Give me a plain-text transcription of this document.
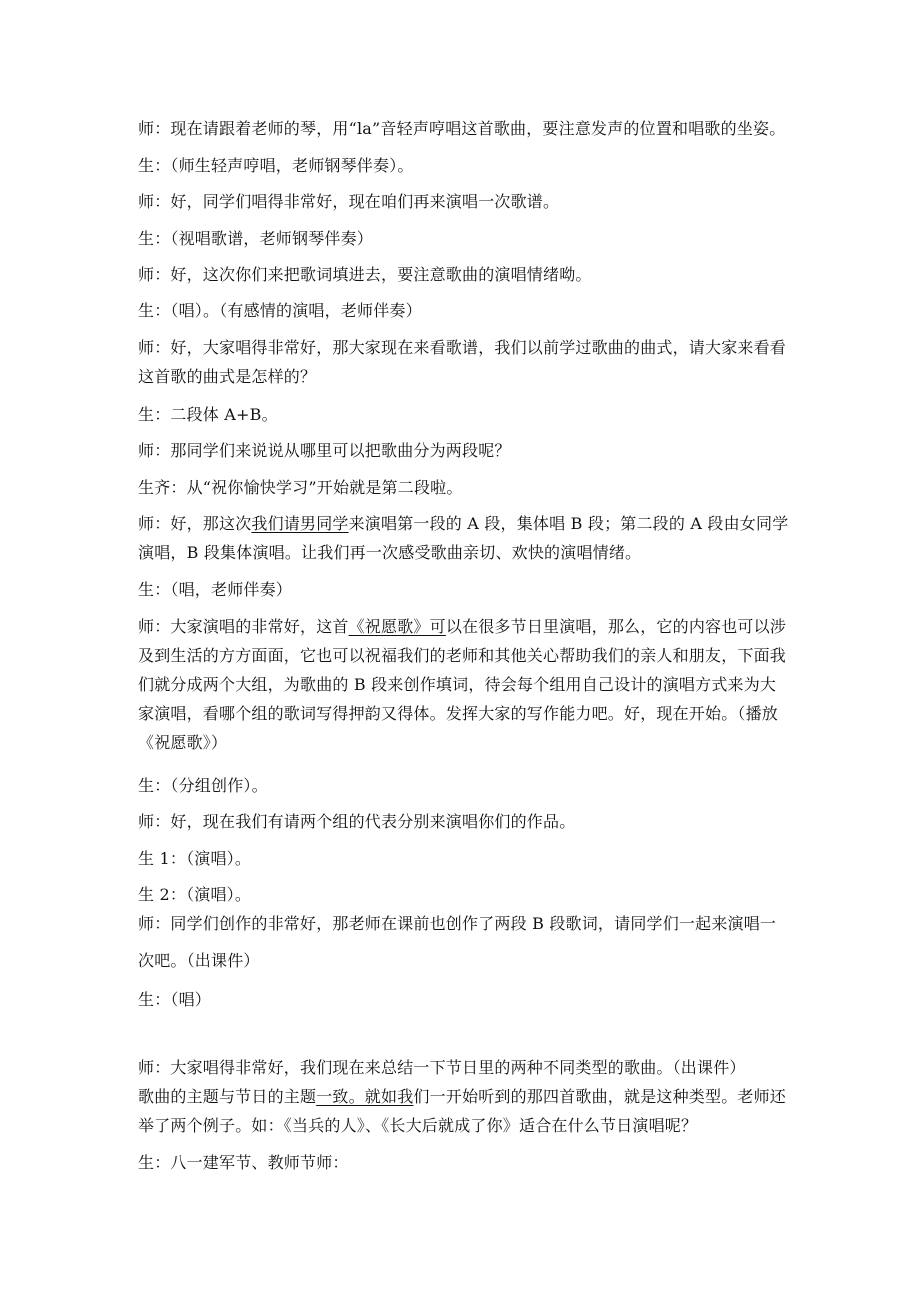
师：现在请跟着老师的琴，用“la”音轻声哼唱这首歌曲，要注意发声的位置和唱歌的坐姿。
生：（师生轻声哼唱，老师钢琴伴奏）。
师：好，同学们唱得非常好，现在咱们再来演唱一次歌谱。
生：（视唱歌谱，老师钢琴伴奏）
师：好，这次你们来把歌词填进去，要注意歌曲的演唱情绪呦。
生：（唱）。（有感情的演唱，老师伴奏）
师：好，大家唱得非常好，那大家现在来看歌谱，我们以前学过歌曲的曲式，请大家来看看
这首歌的曲式是怎样的？
生：二段体 A+B。
师：那同学们来说说从哪里可以把歌曲分为两段呢？
生齐：从“祝你愉快学习”开始就是第二段啦。
师：好，那这次我们请男同学来演唱第一段的 A 段，集体唱 B 段；第二段的 A 段由女同学
演唱，B 段集体演唱。让我们再一次感受歌曲亲切、欢快的演唱情绪。
生：（唱，老师伴奏）
师：大家演唱的非常好，这首《祝愿歌》可以在很多节日里演唱，那么，它的内容也可以涉
及到生活的方方面面，它也可以祝福我们的老师和其他关心帮助我们的亲人和朋友，下面我
们就分成两个大组，为歌曲的 B 段来创作填词，待会每个组用自己设计的演唱方式来为大
家演唱，看哪个组的歌词写得押韵又得体。发挥大家的写作能力吧。好，现在开始。（播放
《祝愿歌》）
生：（分组创作）。
师：好，现在我们有请两个组的代表分别来演唱你们的作品。
生 1：（演唱）。
生 2：（演唱）。
师：同学们创作的非常好，那老师在课前也创作了两段 B 段歌词，请同学们一起来演唱一
次吧。（出课件）
生：（唱）
师：大家唱得非常好，我们现在来总结一下节日里的两种不同类型的歌曲。（出课件）
歌曲的主题与节日的主题一致。就如我们一开始听到的那四首歌曲，就是这种类型。老师还
举了两个例子。如：《当兵的人》、《长大后就成了你》适合在什么节日演唱呢？
生：八一建军节、教师节师：
